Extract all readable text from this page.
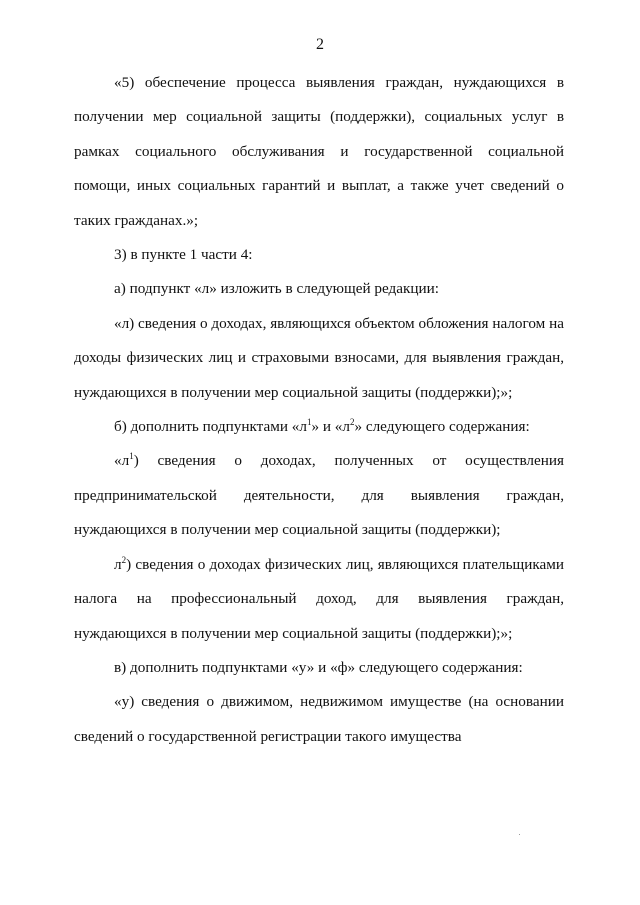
2

«5) обеспечение процесса выявления граждан, нуждающихся в получении мер социальной защиты (поддержки), социальных услуг в рамках социального обслуживания и государственной социальной помощи, иных социальных гарантий и выплат, а также учет сведений о таких гражданах.»;

3) в пункте 1 части 4:

а) подпункт «л» изложить в следующей редакции:

«л) сведения о доходах, являющихся объектом обложения налогом на доходы физических лиц и страховыми взносами, для выявления граждан, нуждающихся в получении мер социальной защиты (поддержки);»;

б) дополнить подпунктами «$л^1$» и «$л^2$» следующего содержания:

«$л^1$) сведения о доходах, полученных от осуществления предпринимательской деятельности, для выявления граждан, нуждающихся в получении мер социальной защиты (поддержки);

$л^2$) сведения о доходах физических лиц, являющихся плательщиками налога на профессиональный доход, для выявления граждан, нуждающихся в получении мер социальной защиты (поддержки);»;

в) дополнить подпунктами «у» и «ф» следующего содержания:

«у) сведения о движимом, недвижимом имуществе (на основании сведений о государственной регистрации такого имущества
